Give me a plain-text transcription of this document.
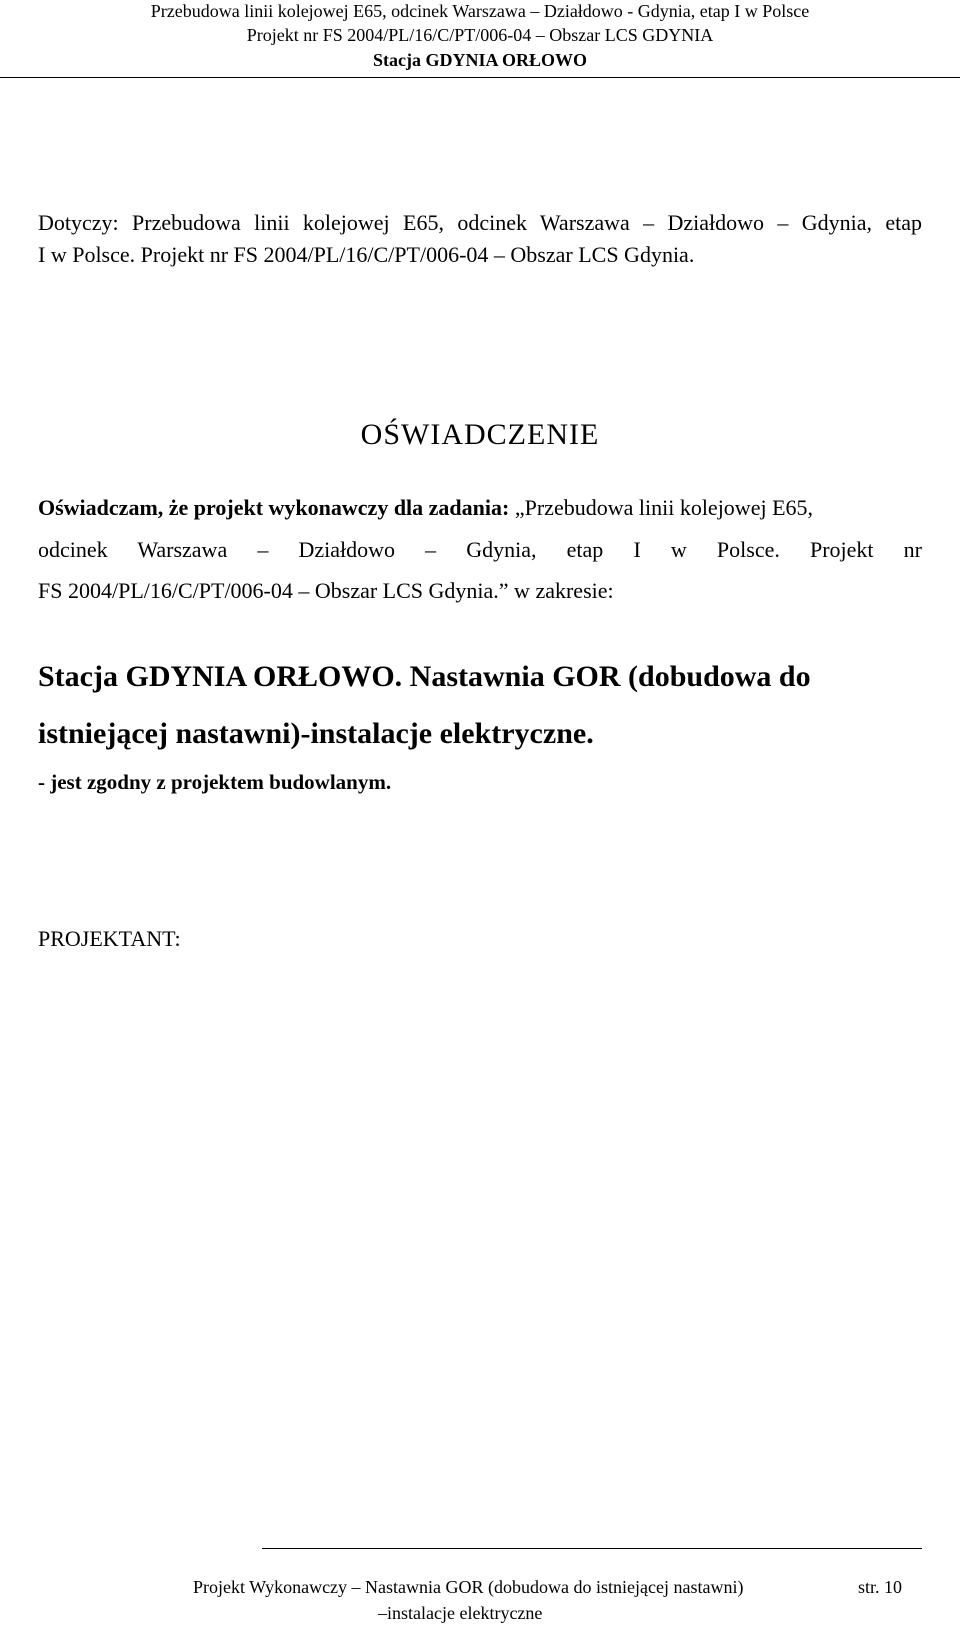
Przebudowa linii kolejowej E65, odcinek Warszawa – Działdowo - Gdynia, etap I w Polsce
Projekt nr FS 2004/PL/16/C/PT/006-04 – Obszar LCS GDYNIA
Stacja GDYNIA ORŁOWO
Dotyczy: Przebudowa linii kolejowej E65, odcinek Warszawa – Działdowo – Gdynia, etap
I w Polsce. Projekt nr FS 2004/PL/16/C/PT/006-04 – Obszar LCS Gdynia.
OŚWIADCZENIE
Oświadczam, że projekt wykonawczy dla zadania: „Przebudowa linii kolejowej E65,
odcinek Warszawa – Działdowo – Gdynia, etap I w Polsce. Projekt nr
FS 2004/PL/16/C/PT/006-04 – Obszar LCS Gdynia.” w zakresie:
Stacja GDYNIA ORŁOWO. Nastawnia GOR (dobudowa do
istniejącej nastawni)-instalacje elektryczne.
- jest zgodny z projektem budowlanym.
PROJEKTANT:
Projekt Wykonawczy – Nastawnia GOR (dobudowa do istniejącej nastawni)	str. 10
–instalacje elektryczne
